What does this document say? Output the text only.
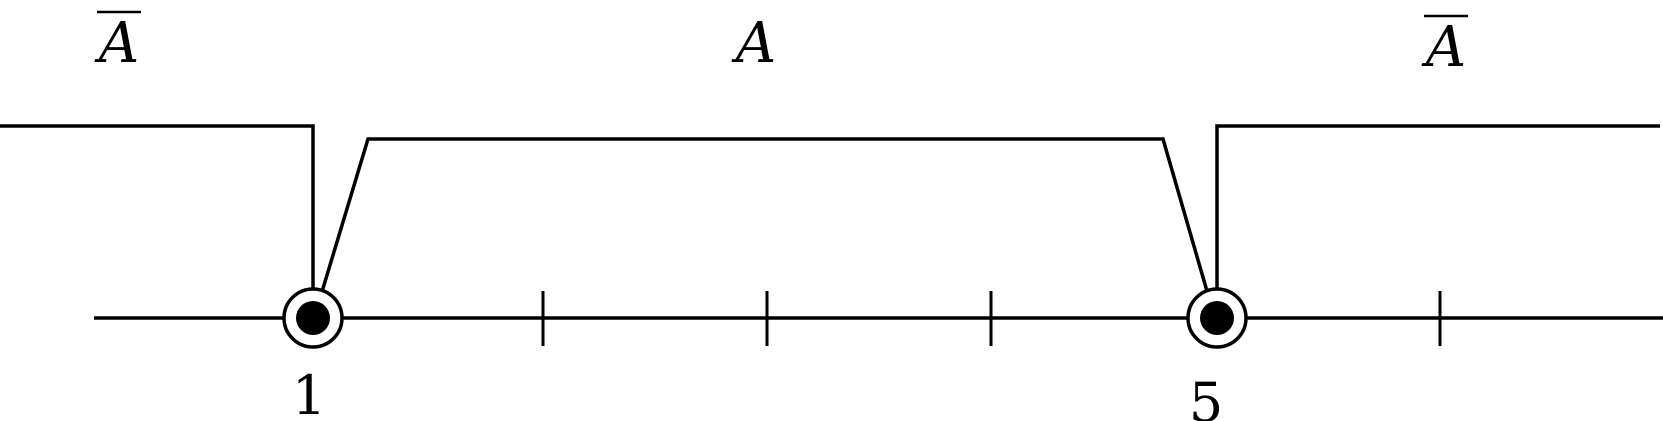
A	A	A
1	5
